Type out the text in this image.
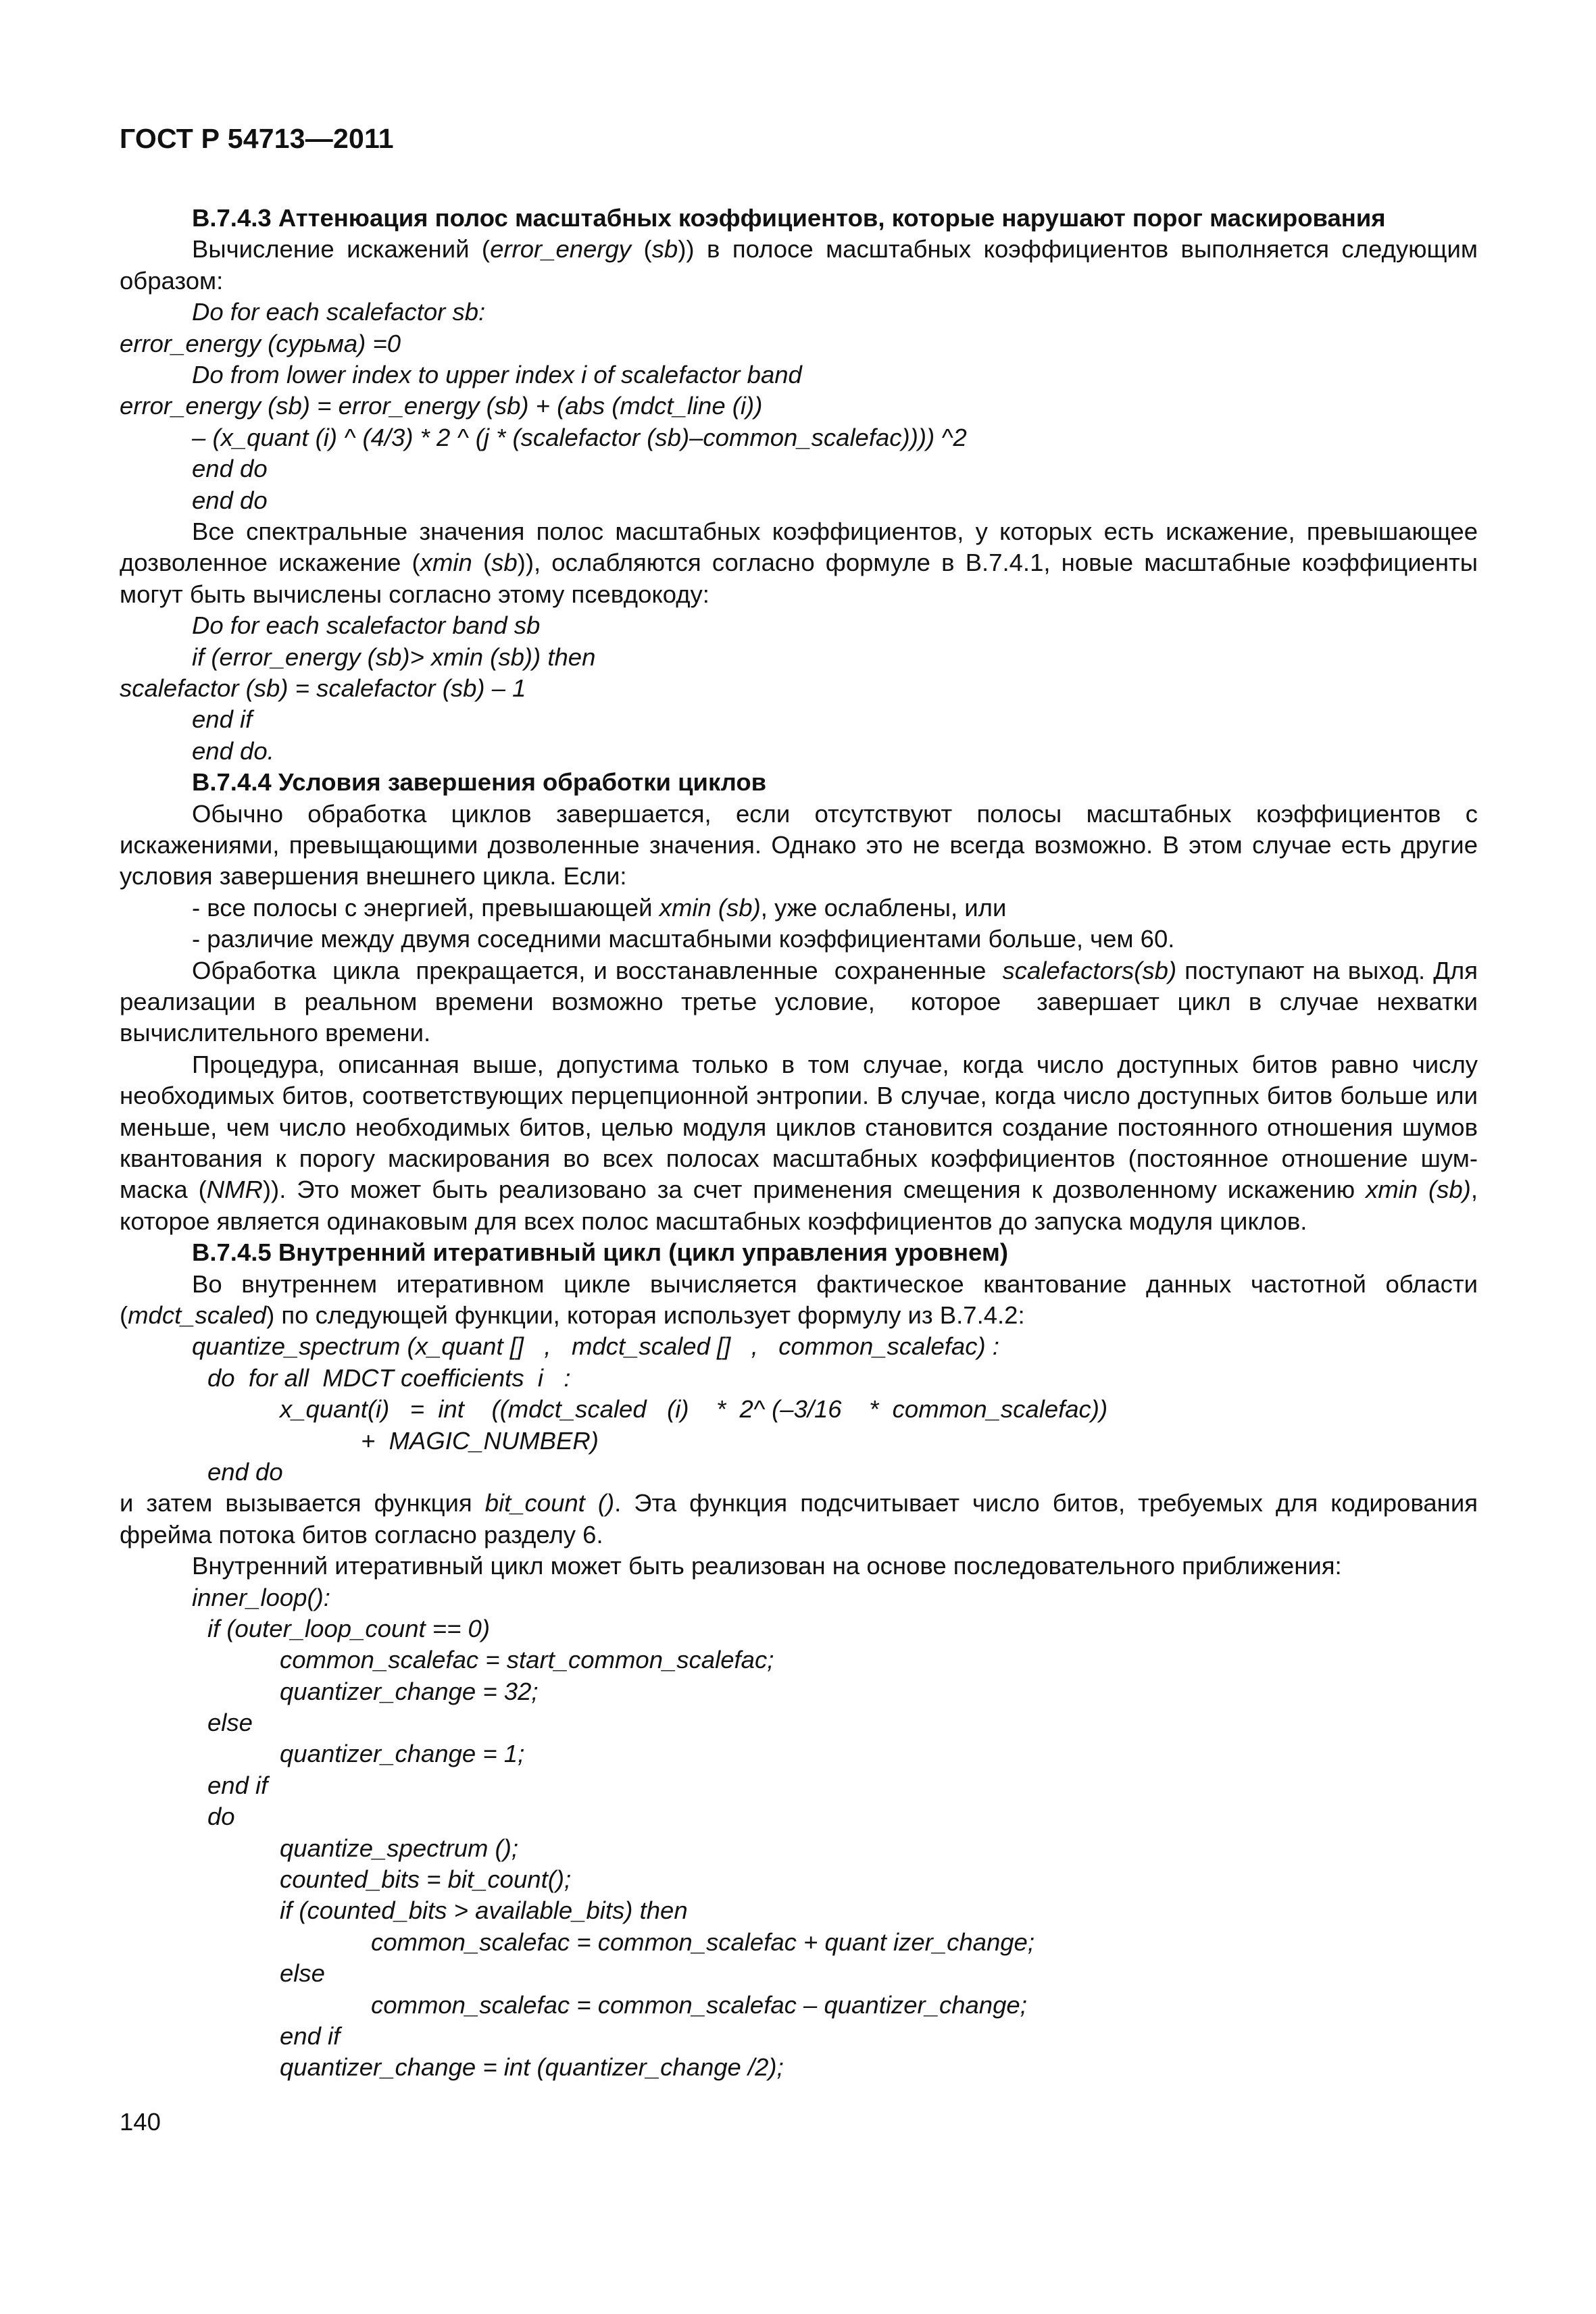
ГОСТ Р 54713—2011
В.7.4.3 Аттенюация полос масштабных коэффициентов, которые нарушают порог маскирования
Вычисление искажений (error_energy (sb)) в полосе масштабных коэффициентов выполняется следующим образом:
Do for each scalefactor sb:
error_energy (сурьма) =0
Do from lower index to upper index i of scalefactor band
error_energy (sb) = error_energy (sb) + (abs (mdct_line (i))
– (x_quant (i) ^ (4/3) * 2 ^ (j * (scalefactor (sb)–common_scalefac)))) ^2
end do
end do
Все спектральные значения полос масштабных коэффициентов, у которых есть искажение, превышающее дозволенное искажение (xmin (sb)), ослабляются согласно формуле в В.7.4.1, новые масштабные коэффициенты могут быть вычислены согласно этому псевдокоду:
Do for each scalefactor band sb
if (error_energy (sb)> xmin (sb)) then
scalefactor (sb) = scalefactor (sb) – 1
end if
end do.
В.7.4.4 Условия завершения обработки циклов
Обычно обработка циклов завершается, если отсутствуют полосы масштабных коэффициентов с искажениями, превыщающими дозволенные значения. Однако это не всегда возможно. В этом случае есть другие условия завершения внешнего цикла. Если:
- все полосы с энергией, превышающей xmin (sb), уже ослаблены, или
- различие между двумя соседними масштабными коэффициентами больше, чем 60.
Обработка  цикла  прекращается, и восстанавленные  сохраненные  scalefactors(sb) поступают на выход. Для реализации в реальном времени возможно третье условие,  которое  завершает цикл в случае нехватки вычислительного времени.
Процедура, описанная выше, допустима только в том случае, когда число доступных битов равно числу необходимых битов, соответствующих перцепционной энтропии. В случае, когда число доступных битов больше или меньше, чем число необходимых битов, целью модуля циклов становится создание постоянного отношения шумов квантования к порогу маскирования во всех полосах масштабных коэффициентов (постоянное отношение шум-маска (NMR)). Это может быть реализовано за счет применения смещения к дозволенному искажению xmin (sb), которое является одинаковым для всех полос масштабных коэффициентов до запуска модуля циклов.
В.7.4.5 Внутренний итеративный цикл (цикл управления уровнем)
Во внутреннем итеративном цикле вычисляется фактическое квантование данных частотной области (mdct_scaled) по следующей функции, которая использует формулу из В.7.4.2:
quantize_spectrum (x_quant []   ,   mdct_scaled []   ,   common_scalefac) :
do  for all  MDCT coefficients  i   :
x_quant(i)   =  int    ((mdct_scaled   (i)    *  2^ (–3/16    *  common_scalefac))
+  MAGIC_NUMBER)
end do
и затем вызывается функция bit_count (). Эта функция подсчитывает число битов, требуемых для кодирования фрейма потока битов согласно разделу 6.
Внутренний итеративный цикл может быть реализован на основе последовательного приближения:
inner_loop():
if (outer_loop_count == 0)
common_scalefac = start_common_scalefac;
quantizer_change = 32;
else
quantizer_change = 1;
end if
do
quantize_spectrum ();
counted_bits = bit_count();
if (counted_bits > available_bits) then
common_scalefac = common_scalefac + quant izer_change;
else
common_scalefac = common_scalefac – quantizer_change;
end if
quantizer_change = int (quantizer_change /2);
140
